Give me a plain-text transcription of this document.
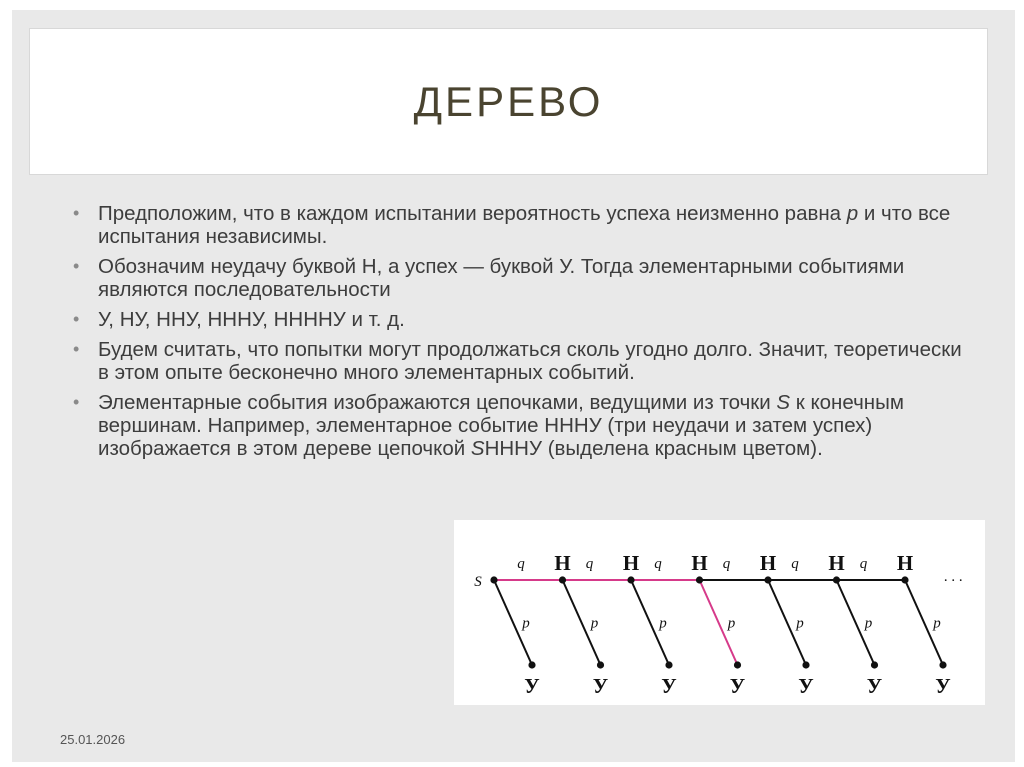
ДЕРЕВО
• Предположим, что в каждом испытании вероятность успеха неизменно равна p и что все испытания независимы.
• Обозначим неудачу буквой Н, а успех — буквой У. Тогда элементарными событиями являются последовательности
• У, НУ, ННУ, НННУ, ННННУ и т. д.
• Будем считать, что попытки могут продолжаться сколь угодно долго. Значит, теоретически в этом опыте бесконечно много элементарных событий.
• Элементарные события изображаются цепочками, ведущими из точки S к конечным вершинам. Например, элементарное событие НННУ (три неудачи и затем успех) изображается в этом дереве цепочкой SНННУ (выделена красным цветом).
q Н q Н q Н q Н q Н q Н
· · ·
p
У
p
У
p
У
p
У
p
У
p
У
p
У
S
25.01.2026
